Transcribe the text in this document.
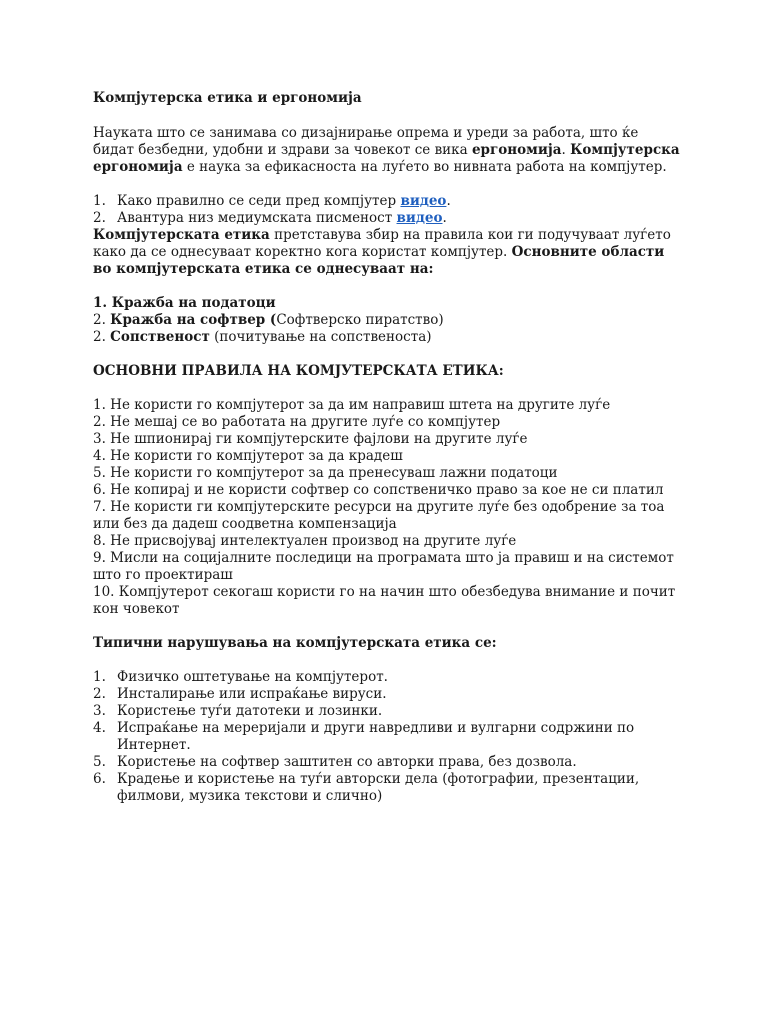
Компјутерска етика и ергономија

Науката што се занимава со дизајнирање опрема и уреди за работа, што ќе бидат безбедни, удобни и здрави за човекот се вика ергономија. Компјутерска ергономија е наука за ефикасноста на луѓето во нивната работа на компјутер.

1. Како правилно се седи пред компјутер видео.
2. Авантура низ медиумската писменост видео.

Компјутерската етика претставува збир на правила кои ги подучуваат луѓето како да се однесуваат коректно кога користат компјутер. Основните области во компјутерската етика се однесуваат на:

1. Кражба на податоци

2. Кражба на софтвер (Софтверско пиратство)

2. Сопственост (почитување на сопственоста)

ОСНОВНИ ПРАВИЛА НА КОМЈУТЕРСКАТА ЕТИКА:

1. Не користи го компјутерот за да им направиш штета на другите луѓе

2. Не мешај се во работата на другите луѓе со компјутер

3. Не шпионирај ги компјутерските фајлови на другите луѓе

4. Не користи го компјутерот за да крадеш

5. Не користи го компјутерот за да пренесуваш лажни податоци

6. Не копирај и не користи софтвер со сопственичко право за кое не си платил

7. Не користи ги компјутерските ресурси на другите луѓе без одобрение за тоа или без да дадеш соодветна компензација

8. Не присвојувај интелектуален производ на другите луѓе

9. Мисли на социјалните последици на програмата што ја правиш и на системот што го проектираш

10. Компјутерот секогаш користи го на начин што обезбедува внимание и почит кон човекот

Типични нарушувања на компјутерската етика се:

1. Физичко оштетување на компјутерот.
2. Инсталирање или испраќање вируси.
3. Користење туѓи датотеки и лозинки.
4. Испраќање на мерeријали и други навредливи и вулгарни содржини по Интернет.
5. Користење на софтвер заштитен со авторки права, без дозвола.
6. Крадење и користење на туѓи авторски дела (фотографии, презентации, филмови, музика текстови и слично)
